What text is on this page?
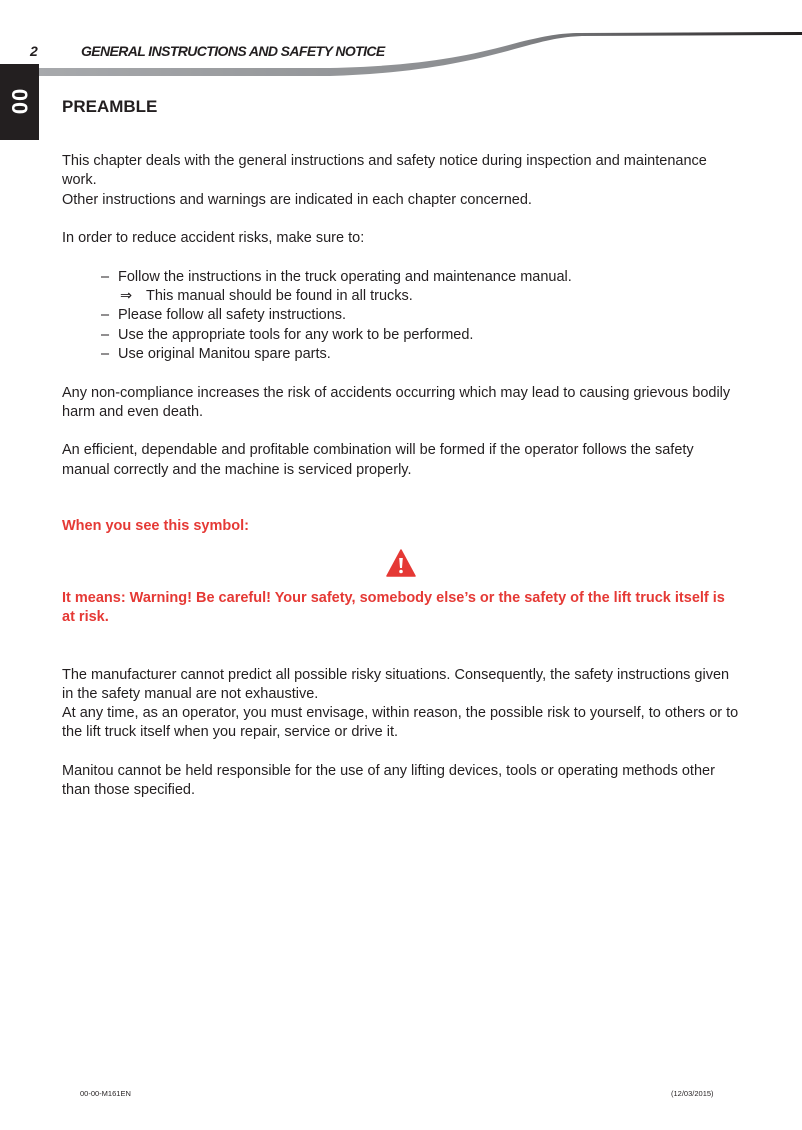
2	GENERAL INSTRUCTIONS AND SAFETY NOTICE
00 PREAMBLE

This chapter deals with the general instructions and safety notice during inspection and maintenance work.

Other instructions and warnings are indicated in each chapter concerned.

In order to reduce accident risks, make sure to:

– Follow the instructions in the truck operating and maintenance manual.
⇒ This manual should be found in all trucks.
– Please follow all safety instructions.
– Use the appropriate tools for any work to be performed.
– Use original Manitou spare parts.

Any non-compliance increases the risk of accidents occurring which may lead to causing grievous bodily harm and even death.

An efficient, dependable and profitable combination will be formed if the operator follows the safety manual correctly and the machine is serviced properly.

When you see this symbol:

It means: Warning! Be careful! Your safety, somebody else’s or the safety of the lift truck itself is at risk.

The manufacturer cannot predict all possible risky situations. Consequently, the safety instructions given in the safety manual are not exhaustive.

At any time, as an operator, you must envisage, within reason, the possible risk to yourself, to others or to the lift truck itself when you repair, service or drive it.

Manitou cannot be held responsible for the use of any lifting devices, tools or operating methods other than those specified.

00-00-M161EN	(12/03/2015)
